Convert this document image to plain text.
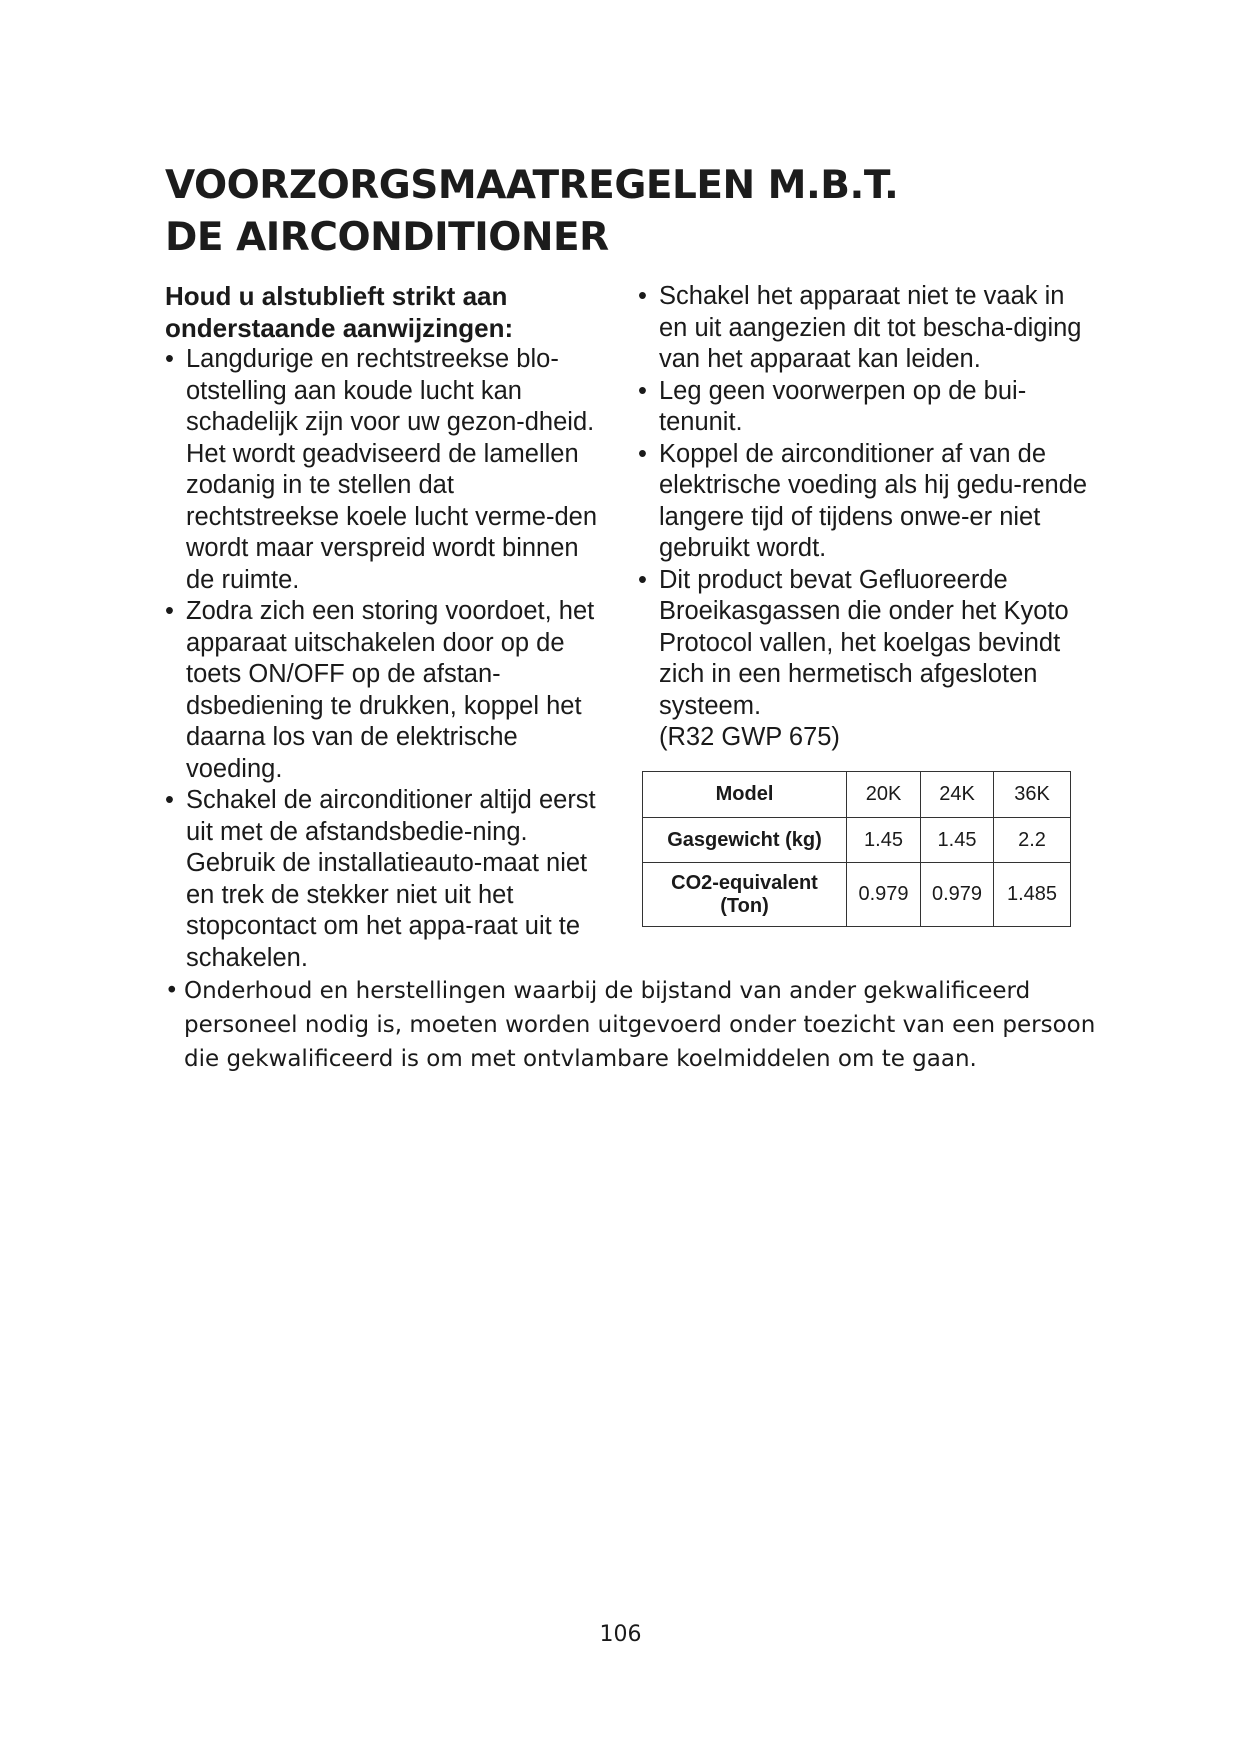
VOORZORGSMAATREGELEN M.B.T.
DE AIRCONDITIONER
Houd u alstublieft strikt aan
onderstaande aanwijzingen:
• Langdurige en rechtstreekse blo-otstelling aan koude lucht kan schadelijk zijn voor uw gezon-dheid. Het wordt geadviseerd de lamellen zodanig in te stellen dat rechtstreekse koele lucht verme-den wordt maar verspreid wordt binnen de ruimte.
• Zodra zich een storing voordoet, het apparaat uitschakelen door op de toets ON/OFF op de afstan-dsbediening te drukken, koppel het daarna los van de elektrische voeding.
• Schakel de airconditioner altijd eerst uit met de afstandsbedie-ning. Gebruik de installatieauto-maat niet en trek de stekker niet uit het stopcontact om het appa-raat uit te schakelen.
• Schakel het apparaat niet te vaak in en uit aangezien dit tot bescha-diging van het apparaat kan leiden.
• Leg geen voorwerpen op de bui-tenunit.
• Koppel de airconditioner af van de elektrische voeding als hij gedu-rende langere tijd of tijdens onwe-er niet gebruikt wordt.
• Dit product bevat Gefluoreerde Broeikasgassen die onder het Kyoto Protocol vallen, het koelgas bevindt zich in een hermetisch afgesloten systeem.
(R32 GWP 675)
Model	20K	24K	36K
Gasgewicht (kg)	1.45	1.45	2.2
CO2-equivalent (Ton)	0.979	0.979	1.485
• Onderhoud en herstellingen waarbij de bijstand van ander gekwalificeerd personeel nodig is, moeten worden uitgevoerd onder toezicht van een persoon die gekwalificeerd is om met ontvlambare koelmiddelen om te gaan.
106
